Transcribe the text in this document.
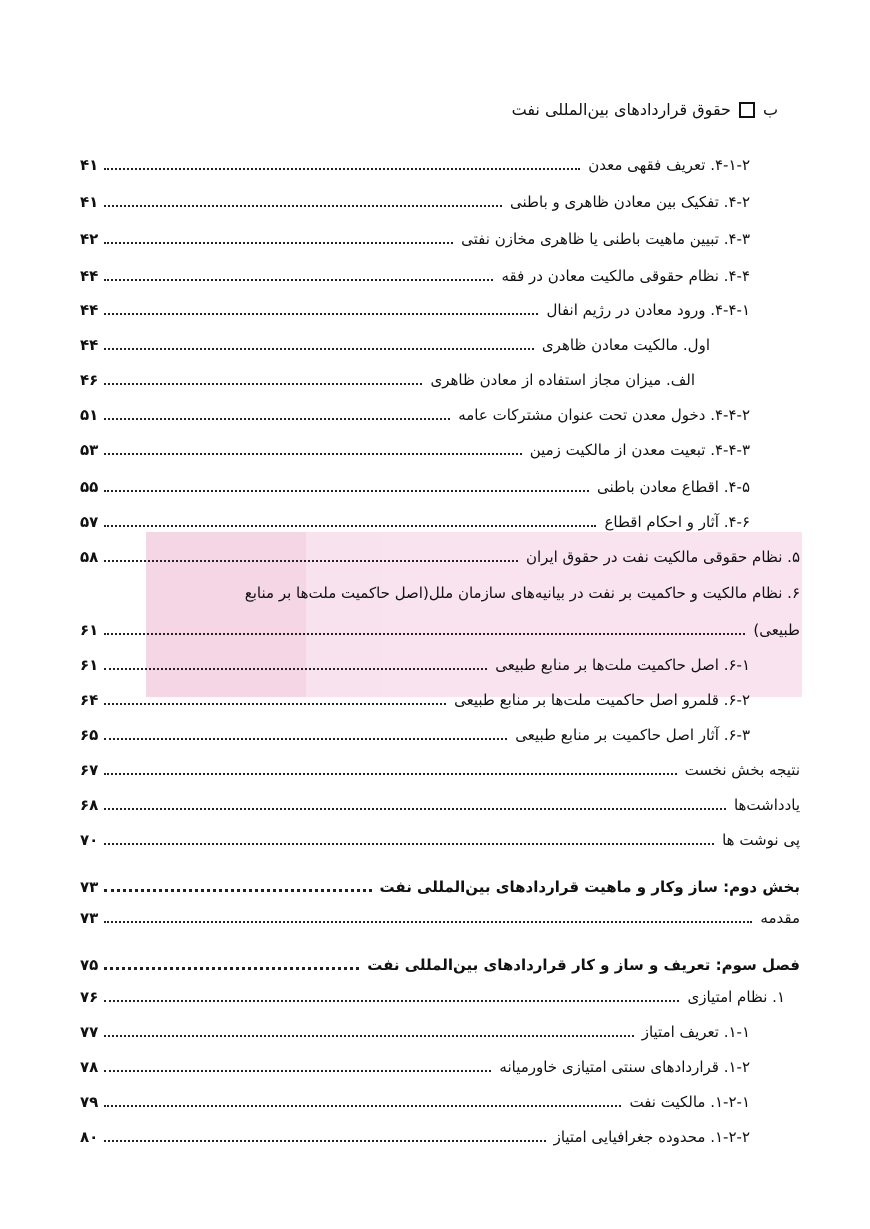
ب
حقوق قراردادهای بین‌المللی نفت
۴-۱-۲. تعریف فقهی معدن
۴۱
۴-۲. تفکیک بین معادن ظاهری و باطنی
۴۱
۴-۳. تبیین ماهیت باطنی یا ظاهری مخازن نفتی
۴۲
۴-۴. نظام حقوقی مالکیت معادن در فقه
۴۴
۴-۴-۱. ورود معادن در رژیم انفال
۴۴
اول. مالکیت معادن ظاهری
۴۴
الف. میزان مجاز استفاده از معادن ظاهری
۴۶
۴-۴-۲. دخول معدن تحت عنوان مشترکات عامه
۵۱
۴-۴-۳. تبعیت معدن از مالکیت زمین
۵۳
۴-۵. اقطاع معادن باطنی
۵۵
۴-۶. آثار و احکام اقطاع
۵۷
۵. نظام حقوقی مالکیت نفت در حقوق ایران
۵۸
۶. نظام مالکیت و حاکمیت بر نفت در بیانیه‌های سازمان ملل(اصل حاکمیت ملت‌ها بر منابع
طبیعی)
۶۱
۶-۱. اصل حاکمیت ملت‌ها بر منابع طبیعی
۶۱
۶-۲. قلمرو اصل حاکمیت ملت‌ها بر منابع طبیعی
۶۴
۶-۳. آثار اصل حاکمیت بر منابع طبیعی
۶۵
نتیجه بخش نخست
۶۷
یادداشت‌ها
۶۸
پی نوشت ها
۷۰
بخش دوم: ساز وکار و ماهیت قراردادهای بین‌المللی نفت
۷۳
مقدمه
۷۳
فصل سوم: تعریف و ساز و کار قراردادهای بین‌المللی نفت
۷۵
۱. نظام امتیازی
۷۶
۱-۱. تعریف امتیاز
۷۷
۱-۲. قراردادهای سنتی امتیازی خاورمیانه
۷۸
۱-۲-۱. مالکیت نفت
۷۹
۱-۲-۲. محدوده جغرافیایی امتیاز
۸۰
